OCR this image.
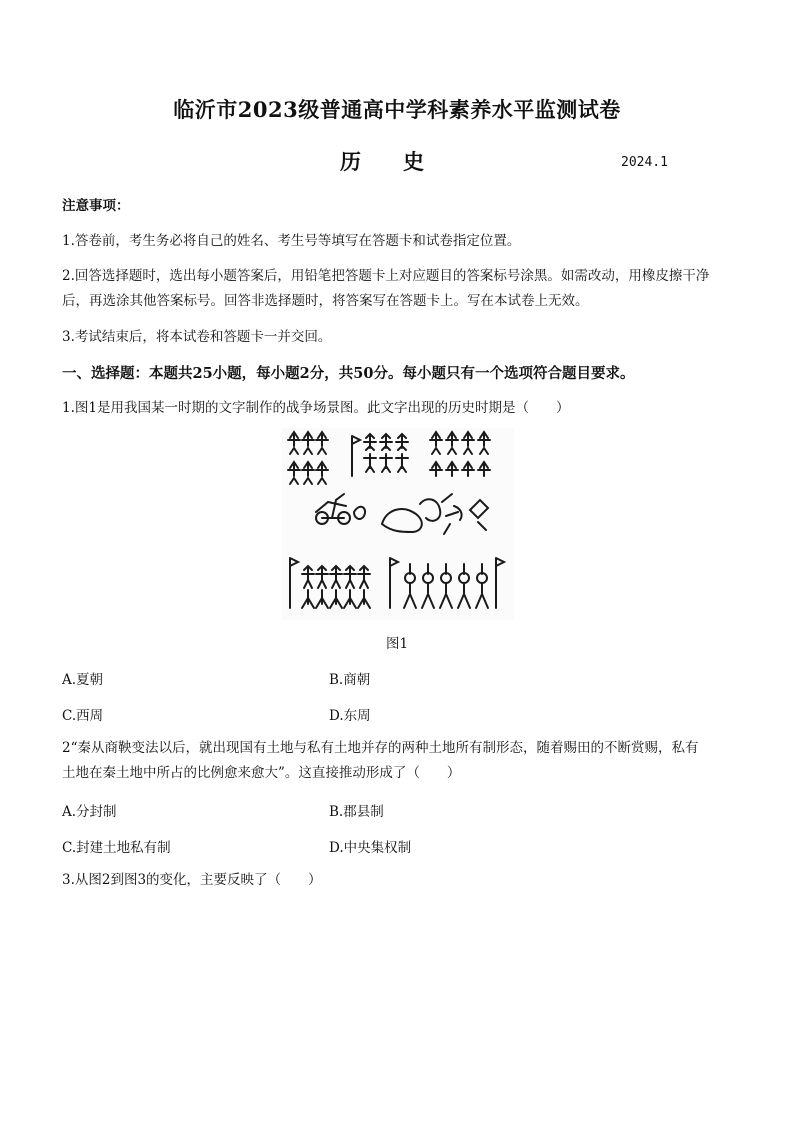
临沂市2023级普通高中学科素养水平监测试卷
历史	2024.1
注意事项：
1.答卷前，考生务必将自己的姓名、考生号等填写在答题卡和试卷指定位置。
2.回答选择题时，选出每小题答案后，用铅笔把答题卡上对应题目的答案标号涂黑。如需改动，用橡皮擦干净
后，再选涂其他答案标号。回答非选择题时，将答案写在答题卡上。写在本试卷上无效。
3.考试结束后，将本试卷和答题卡一并交回。
一、选择题：本题共25小题，每小题2分，共50分。每小题只有一个选项符合题目要求。
1.图1是用我国某一时期的文字制作的战争场景图。此文字出现的历史时期是（　　）
图1
A.夏朝	B.商朝
C.西周	D.东周
2“秦从商鞅变法以后，就出现国有土地与私有土地并存的两种土地所有制形态，随着赐田的不断赏赐，私有
土地在秦土地中所占的比例愈来愈大”。这直接推动形成了（　　）
A.分封制	B.郡县制
C.封建土地私有制	D.中央集权制
3.从图2到图3的变化，主要反映了（　　）
